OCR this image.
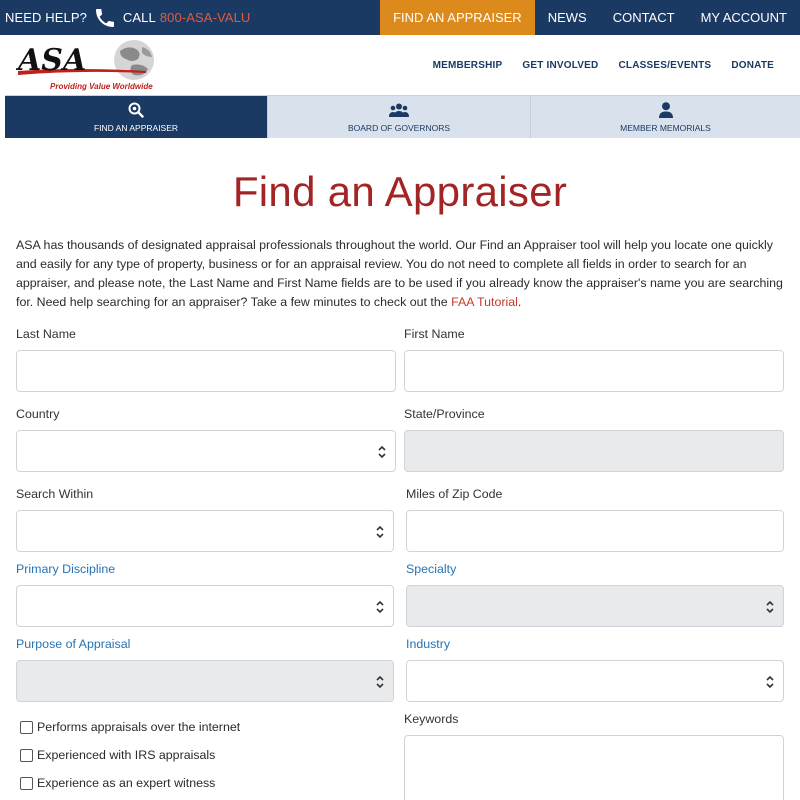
NEED HELP?	CALL 800-ASA-VALU	FIND AN APPRAISER	NEWS	CONTACT	MY ACCOUNT
ASA
Providing Value Worldwide
MEMBERSHIP GET INVOLVED CLASSES/EVENTS DONATE
FIND AN APPRAISER	BOARD OF GOVERNORS	MEMBER MEMORIALS
Find an Appraiser

ASA has thousands of designated appraisal professionals throughout the world. Our Find an Appraiser tool will help you locate one quickly and easily for any type of property, business or for an appraisal review. You do not need to complete all fields in order to search for an appraiser, and please note, the Last Name and First Name fields are to be used if you already know the appraiser's name you are searching for. Need help searching for an appraiser? Take a few minutes to check out the FAA Tutorial.

Last Name	First Name
Country	State/Province
Search Within	Miles of Zip Code
Primary Discipline	Specialty
Purpose of Appraisal	Industry
Performs appraisals over the internet
Experienced with IRS appraisals
Experience as an expert witness
Keywords
